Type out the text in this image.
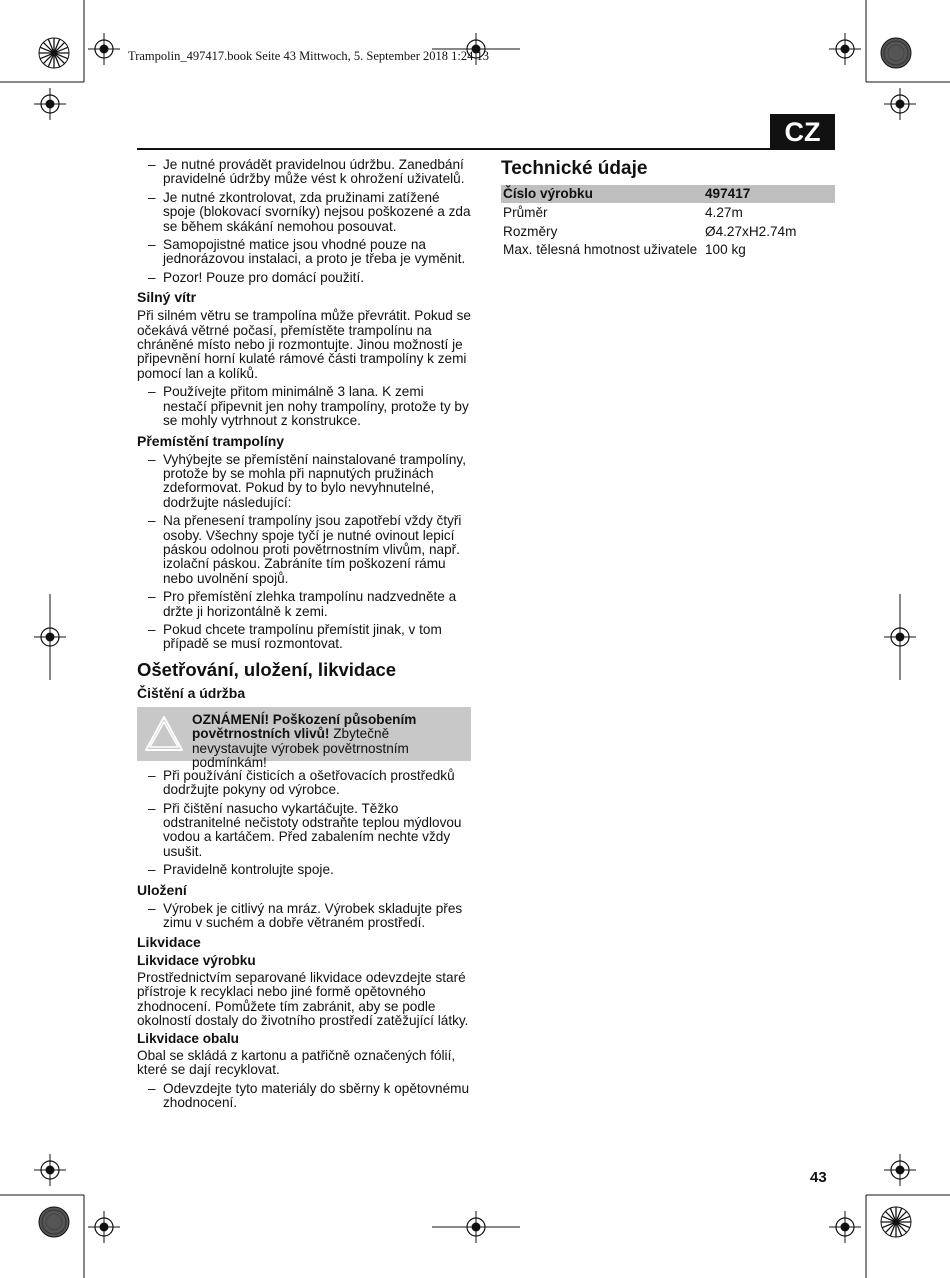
Trampolin_497417.book Seite 43 Mittwoch, 5. September 2018 1:24 13
CZ
– Je nutné provádět pravidelnou údržbu. Zanedbání pravidelné údržby může vést k ohrožení uživatelů.
– Je nutné zkontrolovat, zda pružinami zatížené spoje (blokovací svorníky) nejsou poškozené a zda se během skákání nemohou posouvat.
– Samopojistné matice jsou vhodné pouze na jednorázovou instalaci, a proto je třeba je vyměnit.
– Pozor! Pouze pro domácí použití.
Silný vítr
Při silném větru se trampolína může převrátit. Pokud se očekává větrné počasí, přemístěte trampolínu na chráněné místo nebo ji rozmontujte. Jinou možností je připevnění horní kulaté rámové části trampolíny k zemi pomocí lan a kolíků.
– Používejte přitom minimálně 3 lana. K zemi nestačí připevnit jen nohy trampolíny, protože ty by se mohly vytrhnout z konstrukce.
Přemístění trampolíny
– Vyhýbejte se přemístění nainstalované trampolíny, protože by se mohla při napnutých pružinách zdeformovat. Pokud by to bylo nevyhnutelné, dodržujte následující:
– Na přenesení trampolíny jsou zapotřebí vždy čtyři osoby. Všechny spoje tyčí je nutné ovinout lepicí páskou odolnou proti povětrnostním vlivům, např. izolační páskou. Zabráníte tím poškození rámu nebo uvolnění spojů.
– Pro přemístění zlehka trampolínu nadzvedněte a držte ji horizontálně k zemi.
– Pokud chcete trampolínu přemístit jinak, v tom případě se musí rozmontovat.
Ošetřování, uložení, likvidace
Čištění a údržba
OZNÁMENÍ! Poškození působením povětrnostních vlivů! Zbytečně nevystavujte výrobek povětrnostním podmínkám!
– Při používání čisticích a ošetřovacích prostředků dodržujte pokyny od výrobce.
– Při čištění nasucho vykartáčujte. Těžko odstranitelné nečistoty odstraňte teplou mýdlovou vodou a kartáčem. Před zabalením nechte vždy usušit.
– Pravidelně kontrolujte spoje.
Uložení
– Výrobek je citlivý na mráz. Výrobek skladujte přes zimu v suchém a dobře větraném prostředí.
Likvidace
Likvidace výrobku
Prostřednictvím separované likvidace odevzdejte staré přístroje k recyklaci nebo jiné formě opětovného zhodnocení. Pomůžete tím zabránit, aby se podle okolností dostaly do životního prostředí zatěžující látky.
Likvidace obalu
Obal se skládá z kartonu a patřičně označených fólií, které se dají recyklovat.
– Odevzdejte tyto materiály do sběrny k opětovnému zhodnocení.
Technické údaje
Číslo výrobku	497417
Průměr	4.27m
Rozměry	Ø4.27xH2.74m
Max. tělesná hmotnost uživatele	100 kg
43
